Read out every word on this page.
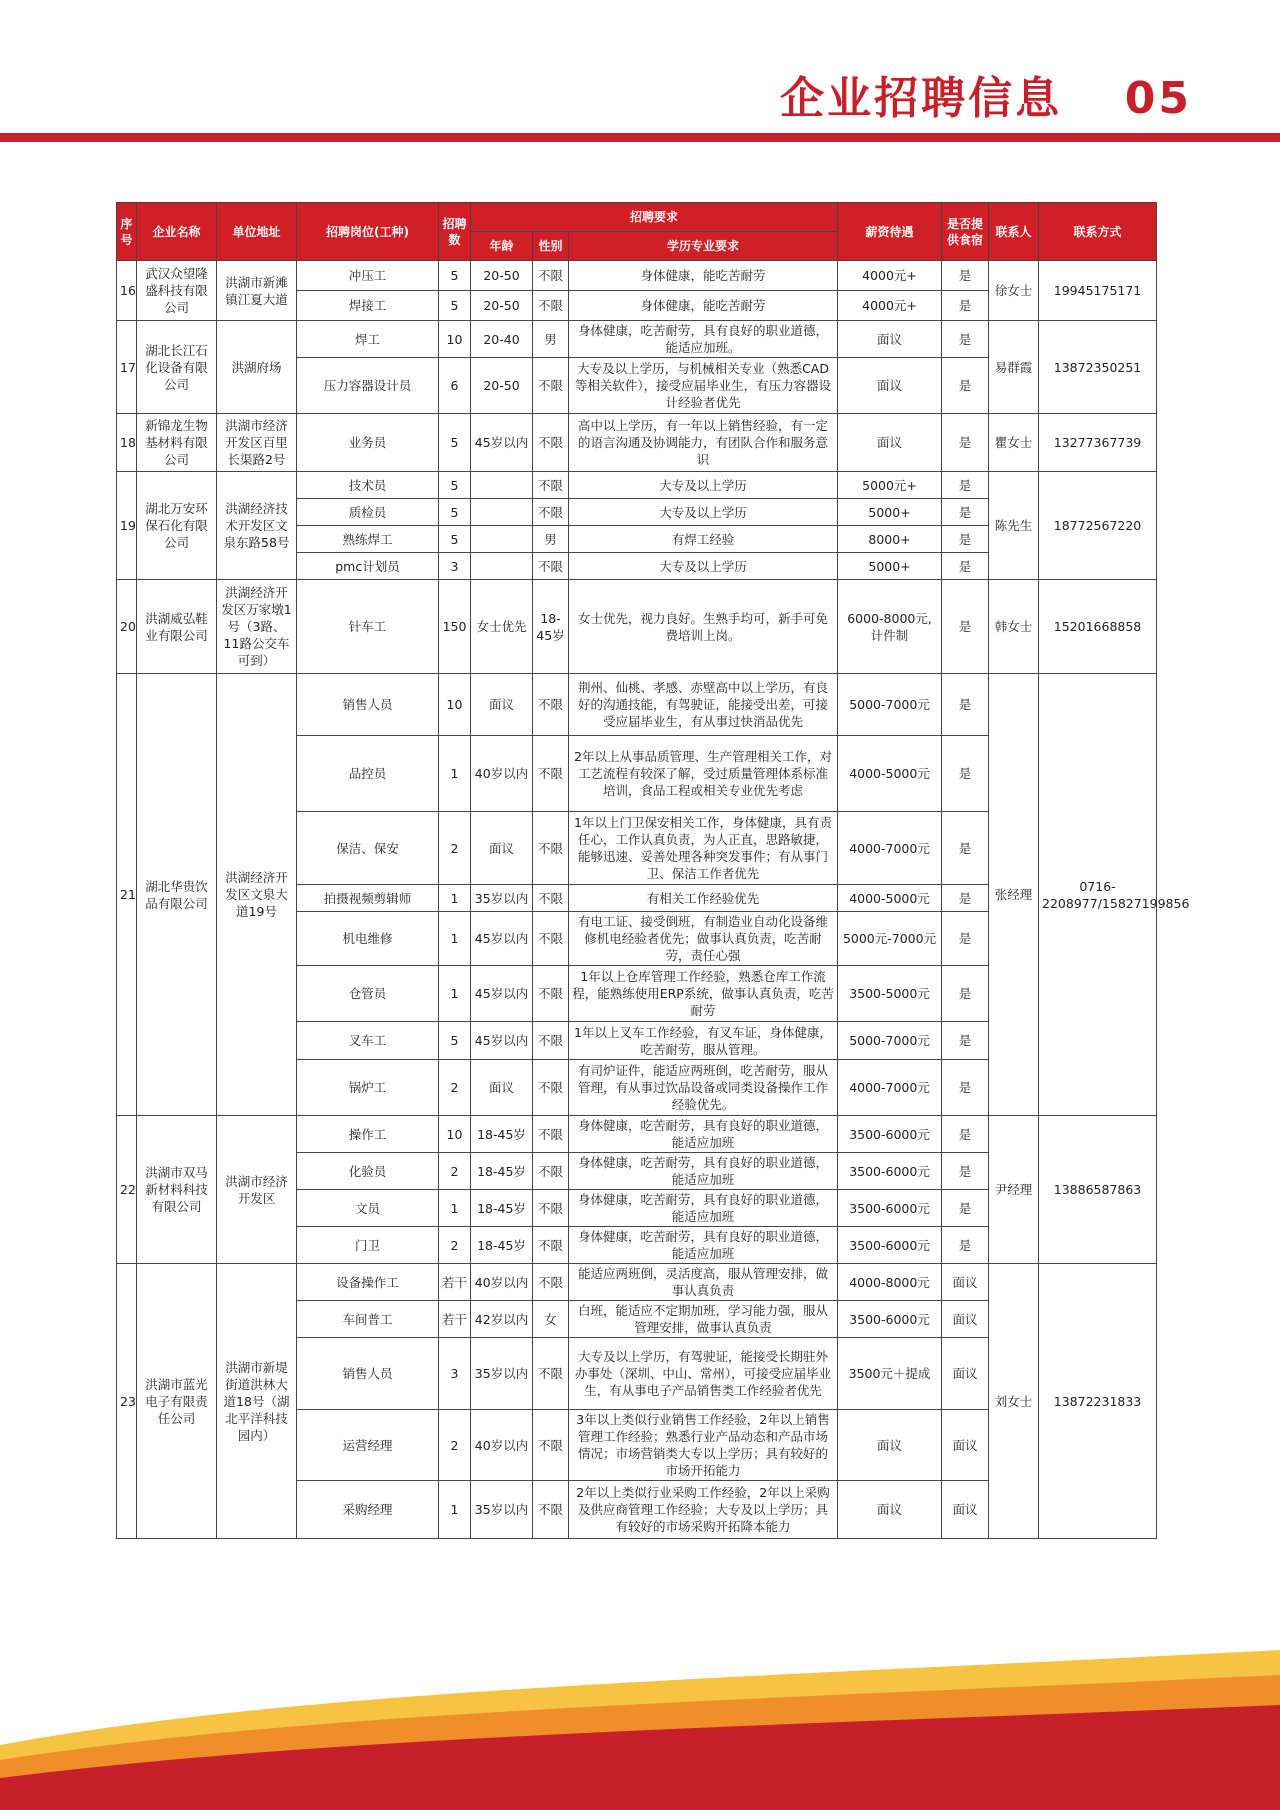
企业招聘信息 05
序号	企业名称	单位地址	招聘岗位(工种)	招聘数	招聘要求			薪资待遇	是否提供食宿	联系人	联系方式
					年龄	性别	学历专业要求				
16	武汉众望隆盛科技有限公司	洪湖市新滩镇江夏大道	冲压工	5	20-50	不限	身体健康，能吃苦耐劳	4000元+	是	徐女士	19945175171
			焊接工	5	20-50	不限	身体健康，能吃苦耐劳	4000元+	是		
17	湖北长江石化设备有限公司	洪湖府场	焊工	10	20-40	男	身体健康，吃苦耐劳，具有良好的职业道德，能适应加班。	面议	是	易群霞	13872350251
			压力容器设计员	6	20-50	不限	大专及以上学历，与机械相关专业（熟悉CAD等相关软件），接受应届毕业生，有压力容器设计经验者优先	面议	是		
18	新锦龙生物基材料有限公司	洪湖市经济开发区百里长渠路2号	业务员	5	45岁以内	不限	高中以上学历，有一年以上销售经验，有一定的语言沟通及协调能力，有团队合作和服务意识	面议	是	瞿女士	13277367739
19	湖北万安环保石化有限公司	洪湖经济技术开发区文泉东路58号	技术员	5		不限	大专及以上学历	5000元+	是	陈先生	18772567220
			质检员	5		不限	大专及以上学历	5000+	是		
			熟练焊工	5		男	有焊工经验	8000+	是		
			pmc计划员	3		不限	大专及以上学历	5000+	是		
20	洪湖威弘鞋业有限公司	洪湖经济开发区万家墩1号（3路、11路公交车可到）	针车工	150	女士优先	18-45岁	女士优先，视力良好。生熟手均可，新手可免费培训上岗。	6000-8000元,计件制	是	韩女士	15201668858
21	湖北华贵饮品有限公司	洪湖经济开发区文泉大道19号	销售人员	10	面议	不限	荆州、仙桃、孝感、赤壁高中以上学历，有良好的沟通技能，有驾驶证，能接受出差，可接受应届毕业生，有从事过快消品优先	5000-7000元	是	张经理	0716-2208977/15827199856
			品控员	1	40岁以内	不限	2年以上从事品质管理、生产管理相关工作，对工艺流程有较深了解，受过质量管理体系标准培训，食品工程或相关专业优先考虑	4000-5000元	是		
			保洁、保安	2	面议	不限	1年以上门卫保安相关工作，身体健康，具有责任心，工作认真负责，为人正直，思路敏捷，能够迅速、妥善处理各种突发事件；有从事门卫、保洁工作者优先	4000-7000元	是		
			拍摄视频剪辑师	1	35岁以内	不限	有相关工作经验优先	4000-5000元	是		
			机电维修	1	45岁以内	不限	有电工证、接受倒班，有制造业自动化设备维修机电经验者优先；做事认真负责，吃苦耐劳，责任心强	5000元-7000元	是		
			仓管员	1	45岁以内	不限	1年以上仓库管理工作经验，熟悉仓库工作流程，能熟练使用ERP系统，做事认真负责，吃苦耐劳	3500-5000元	是		
			叉车工	5	45岁以内	不限	1年以上叉车工作经验，有叉车证，身体健康，吃苦耐劳，服从管理。	5000-7000元	是		
			锅炉工	2	面议	不限	有司炉证件，能适应两班倒，吃苦耐劳，服从管理，有从事过饮品设备或同类设备操作工作经验优先。	4000-7000元	是		
22	洪湖市双马新材料科技有限公司	洪湖市经济开发区	操作工	10	18-45岁	不限	身体健康，吃苦耐劳，具有良好的职业道德，能适应加班	3500-6000元	是	尹经理	13886587863
			化验员	2	18-45岁	不限	身体健康，吃苦耐劳，具有良好的职业道德，能适应加班	3500-6000元	是		
			文员	1	18-45岁	不限	身体健康，吃苦耐劳，具有良好的职业道德，能适应加班	3500-6000元	是		
			门卫	2	18-45岁	不限	身体健康，吃苦耐劳，具有良好的职业道德，能适应加班	3500-6000元	是		
23	洪湖市蓝光电子有限责任公司	洪湖市新堤街道洪林大道18号（湖北平洋科技园内）	设备操作工	若干	40岁以内	不限	能适应两班倒，灵活度高，服从管理安排，做事认真负责	4000-8000元	面议	刘女士	13872231833
			车间普工	若干	42岁以内	女	白班，能适应不定期加班，学习能力强，服从管理安排，做事认真负责	3500-6000元	面议		
			销售人员	3	35岁以内	不限	大专及以上学历，有驾驶证，能接受长期驻外办事处（深圳、中山、常州），可接受应届毕业生，有从事电子产品销售类工作经验者优先	3500元＋提成	面议		
			运营经理	2	40岁以内	不限	3年以上类似行业销售工作经验，2年以上销售管理工作经验；熟悉行业产品动态和产品市场情况；市场营销类大专以上学历；具有较好的市场开拓能力	面议	面议		
			采购经理	1	35岁以内	不限	2年以上类似行业采购工作经验，2年以上采购及供应商管理工作经验；大专及以上学历；具有较好的市场采购开拓降本能力	面议	面议		
